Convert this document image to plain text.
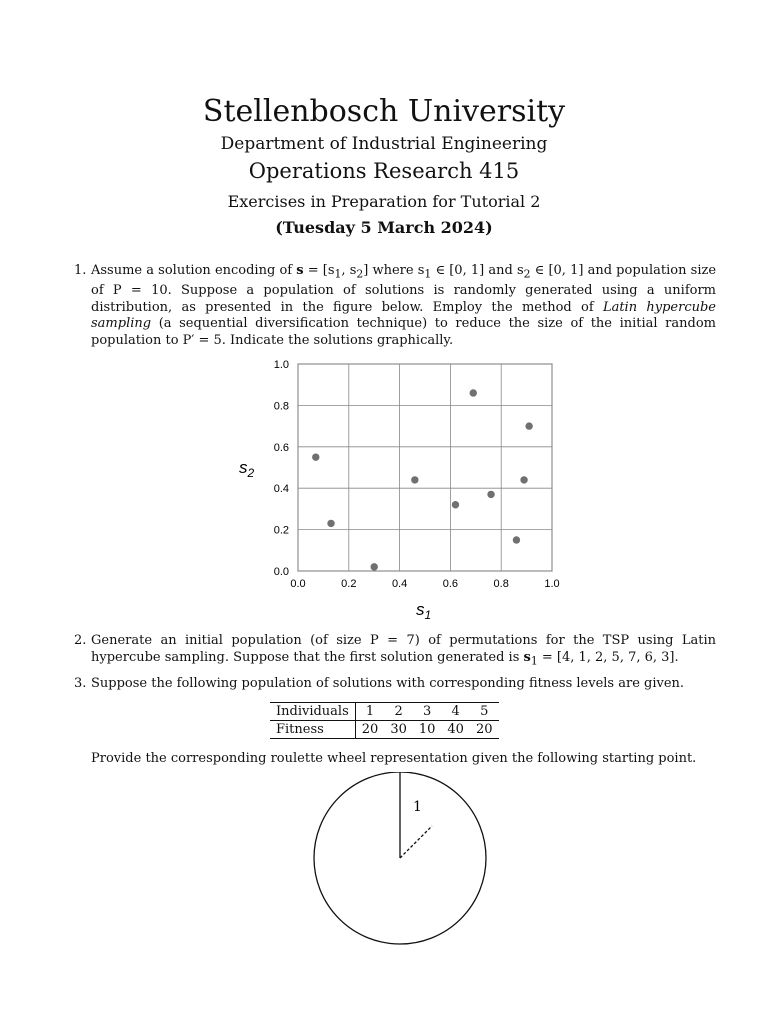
Stellenbosch University
Department of Industrial Engineering
Operations Research 415
Exercises in Preparation for Tutorial 2
(Tuesday 5 March 2024)
1. Assume a solution encoding of $s = [s_1$, $s_2$] where $s_1$ ∈ [0, 1] and $s_2$ ∈ [0, 1] and population size of P = 10. Suppose a population of solutions is randomly generated using a uniform distribution, as presented in the figure below. Employ the method of Latin hypercube sampling (a sequential diversification technique) to reduce the size of the initial random population to P′ = 5. Indicate the solutions graphically.
0.0	0.2	0.4	0.6	0.8	1.0
0.0
0.2
0.4
0.6
0.8
1.0
$s_2$
$s_1$
2. Generate an initial population (of size P = 7) of permutations for the TSP using Latin hypercube sampling. Suppose that the first solution generated is $s_1 = [4$, 1, 2, 5, 7, 6, 3].
3. Suppose the following population of solutions with corresponding fitness levels are given.
Individuals	1	2	3	4	5
Fitness	20	30	10	40	20
Provide the corresponding roulette wheel representation given the following starting point.
1
